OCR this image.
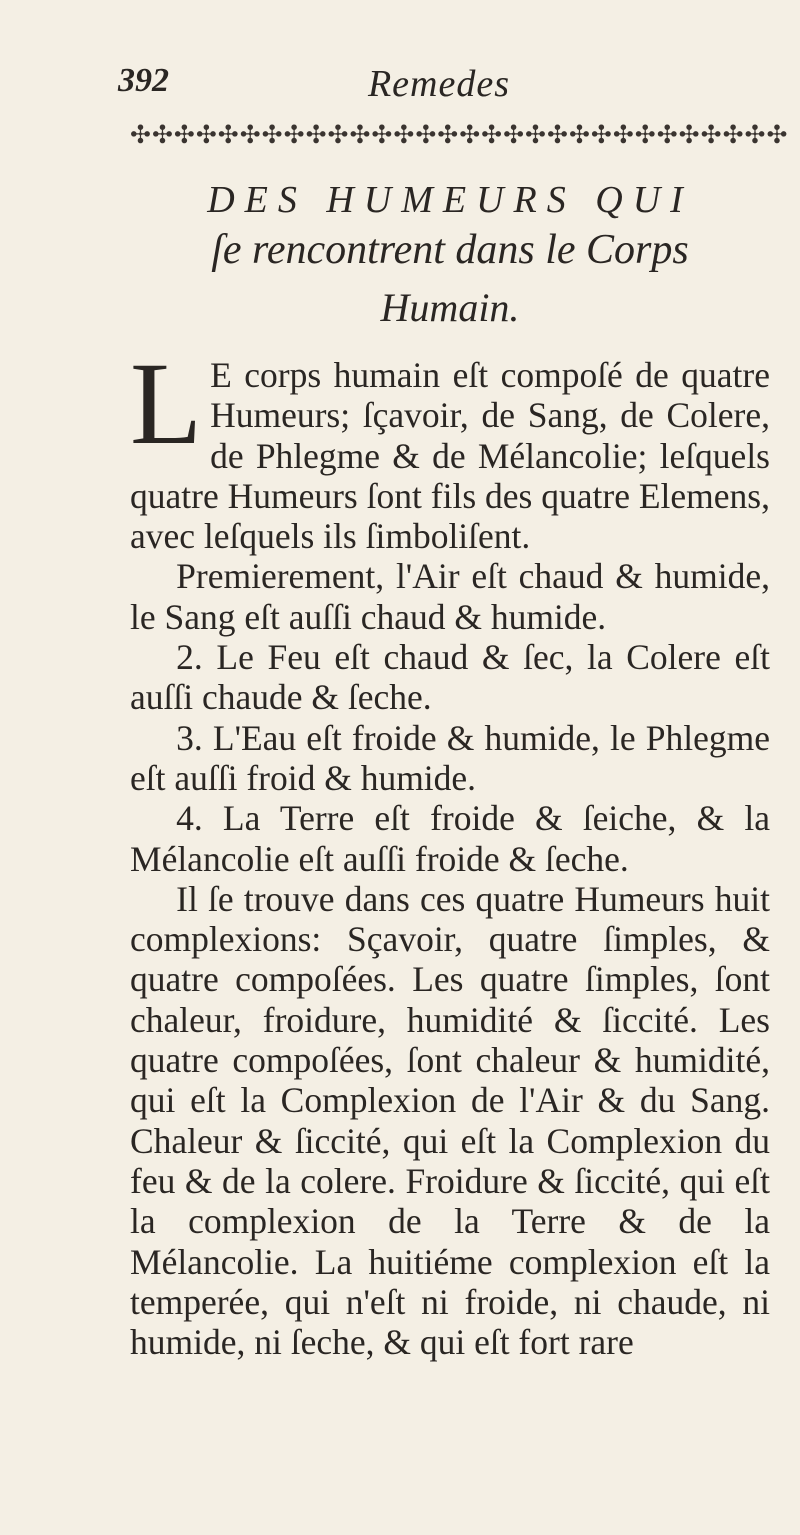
392	Remedes
✣✣✣✣✣✣✣✣✣✣✣✣✣✣✣✣✣✣✣✣✣✣✣✣✣✣✣✣✣✣
DES HUMEURS QUI
ſe rencontrent dans le Corps
Humain.

L E corps humain eſt compoſé de quatre Humeurs; ſçavoir, de Sang, de Colere, de Phlegme & de Mélancolie; leſquels quatre Humeurs ſont fils des quatre Elemens, avec leſquels ils ſimboliſent.

Premierement, l'Air eſt chaud & humide, le Sang eſt auſſi chaud & humide.

2. Le Feu eſt chaud & ſec, la Colere eſt auſſi chaude & ſeche.

3. L'Eau eſt froide & humide, le Phlegme eſt auſſi froid & humide.

4. La Terre eſt froide & ſeiche, & la Mélancolie eſt auſſi froide & ſeche.

Il ſe trouve dans ces quatre Humeurs huit complexions: Sçavoir, quatre ſimples, & quatre compoſées. Les quatre ſimples, ſont chaleur, froidure, humidité & ſiccité. Les quatre compoſées, ſont chaleur & humidité, qui eſt la Complexion de l'Air & du Sang. Chaleur & ſiccité, qui eſt la Complexion du feu & de la colere. Froidure & ſiccité, qui eſt la complexion de la Terre & de la Mélancolie. La huitiéme complexion eſt la temperée, qui n'eſt ni froide, ni chaude, ni humide, ni ſeche, & qui eſt fort rare
